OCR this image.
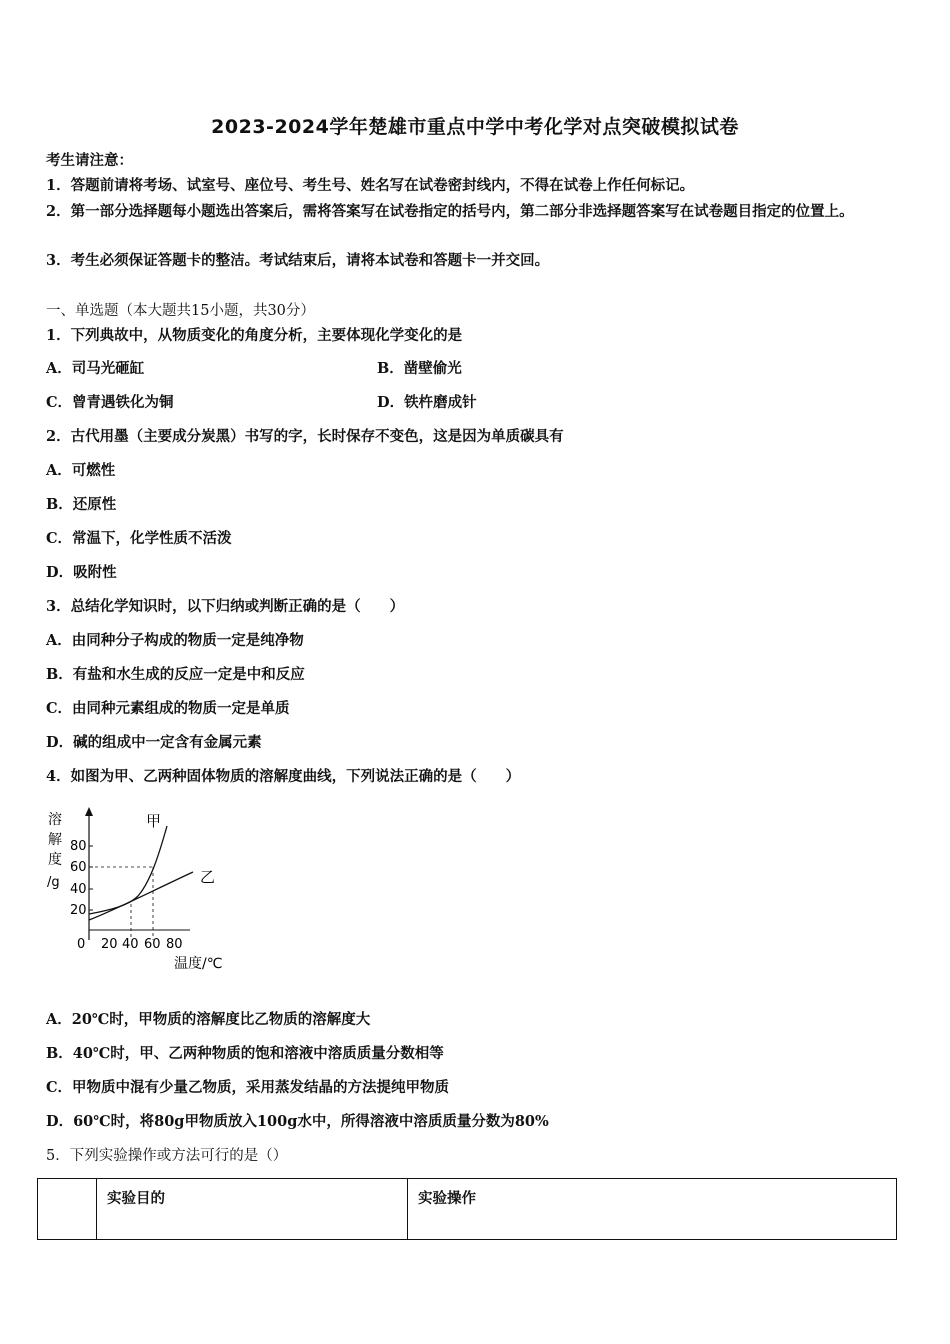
2023-2024学年楚雄市重点中学中考化学对点突破模拟试卷
考生请注意：
1．答题前请将考场、试室号、座位号、考生号、姓名写在试卷密封线内，不得在试卷上作任何标记。
2．第一部分选择题每小题选出答案后，需将答案写在试卷指定的括号内，第二部分非选择题答案写在试卷题目指定的位置上。
3．考生必须保证答题卡的整洁。考试结束后，请将本试卷和答题卡一并交回。
一、单选题（本大题共15小题，共30分）
1．下列典故中，从物质变化的角度分析，主要体现化学变化的是
A．司马光砸缸	B．凿壁偷光
C．曾青遇铁化为铜	D．铁杵磨成针
2．古代用墨（主要成分炭黑）书写的字，长时保存不变色，这是因为单质碳具有
A．可燃性
B．还原性
C．常温下，化学性质不活泼
D．吸附性
3．总结化学知识时，以下归纳或判断正确的是（　　）
A．由同种分子构成的物质一定是纯净物
B．有盐和水生成的反应一定是中和反应
C．由同种元素组成的物质一定是单质
D．碱的组成中一定含有金属元素
4．如图为甲、乙两种固体物质的溶解度曲线，下列说法正确的是（　　）
溶
解
度
/g
20
40
60
80
0 20 40 60 80
甲
乙
温度/℃
A．20℃时，甲物质的溶解度比乙物质的溶解度大
B．40℃时，甲、乙两种物质的饱和溶液中溶质质量分数相等
C．甲物质中混有少量乙物质，采用蒸发结晶的方法提纯甲物质
D．60℃时，将80g甲物质放入100g水中，所得溶液中溶质质量分数为80%
5．下列实验操作或方法可行的是（）
	实验目的	实验操作
